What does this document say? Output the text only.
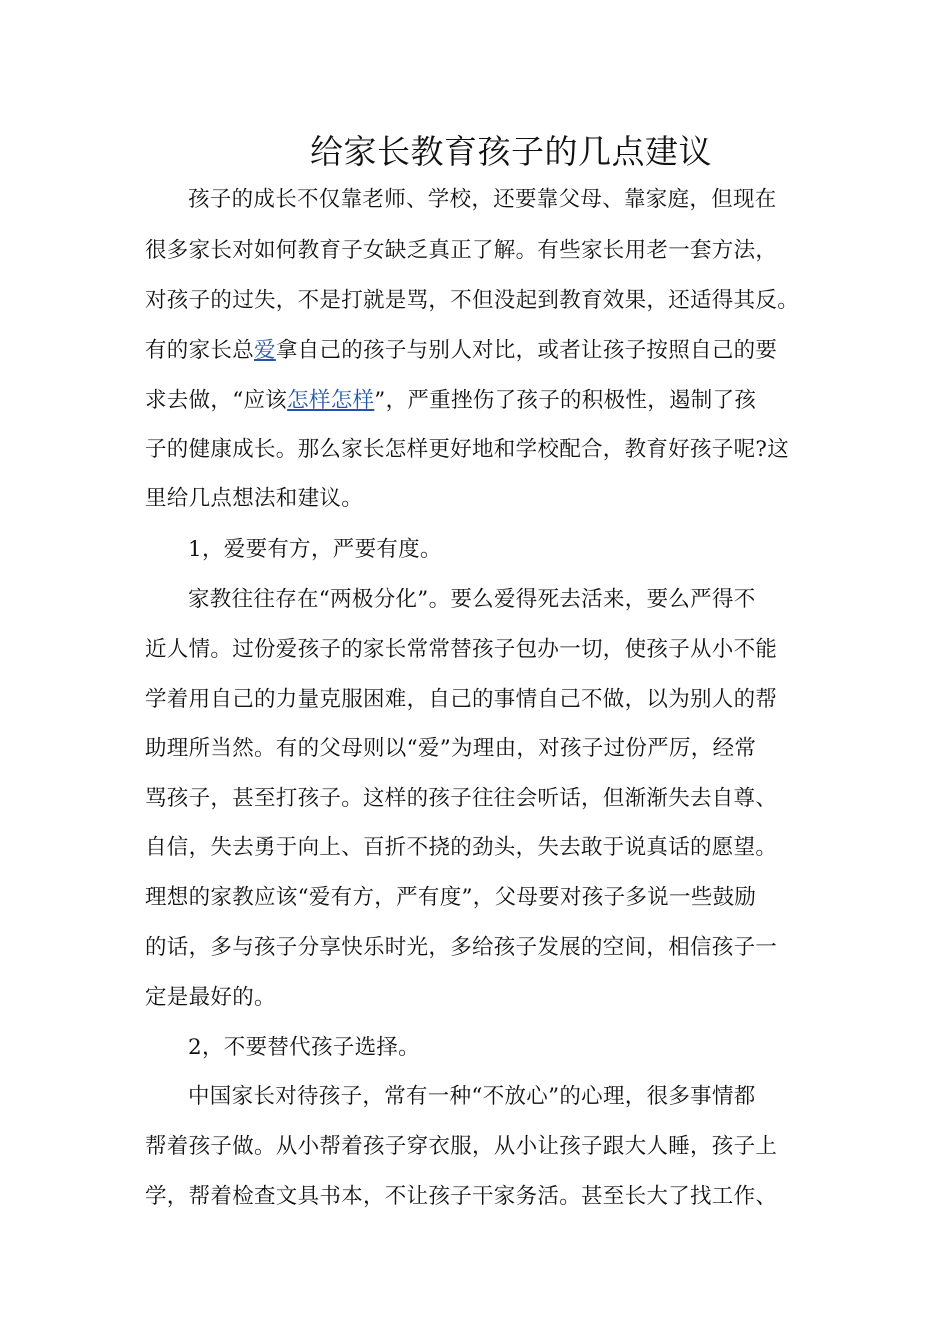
给家长教育孩子的几点建议
孩子的成长不仅靠老师、学校，还要靠父母、靠家庭，但现在
很多家长对如何教育子女缺乏真正了解。有些家长用老一套方法，
对孩子的过失，不是打就是骂，不但没起到教育效果，还适得其反。
有的家长总爱拿自己的孩子与别人对比，或者让孩子按照自己的要
求去做，“应该怎样怎样”，严重挫伤了孩子的积极性，遏制了孩
子的健康成长。那么家长怎样更好地和学校配合，教育好孩子呢?这
里给几点想法和建议。
1，爱要有方，严要有度。
家教往往存在“两极分化”。要么爱得死去活来，要么严得不
近人情。过份爱孩子的家长常常替孩子包办一切，使孩子从小不能
学着用自己的力量克服困难，自己的事情自己不做，以为别人的帮
助理所当然。有的父母则以“爱”为理由，对孩子过份严厉，经常
骂孩子，甚至打孩子。这样的孩子往往会听话，但渐渐失去自尊、
自信，失去勇于向上、百折不挠的劲头，失去敢于说真话的愿望。
理想的家教应该“爱有方，严有度”，父母要对孩子多说一些鼓励
的话，多与孩子分享快乐时光，多给孩子发展的空间，相信孩子一
定是最好的。
2，不要替代孩子选择。
中国家长对待孩子，常有一种“不放心”的心理，很多事情都
帮着孩子做。从小帮着孩子穿衣服，从小让孩子跟大人睡，孩子上
学，帮着检查文具书本，不让孩子干家务活。甚至长大了找工作、
